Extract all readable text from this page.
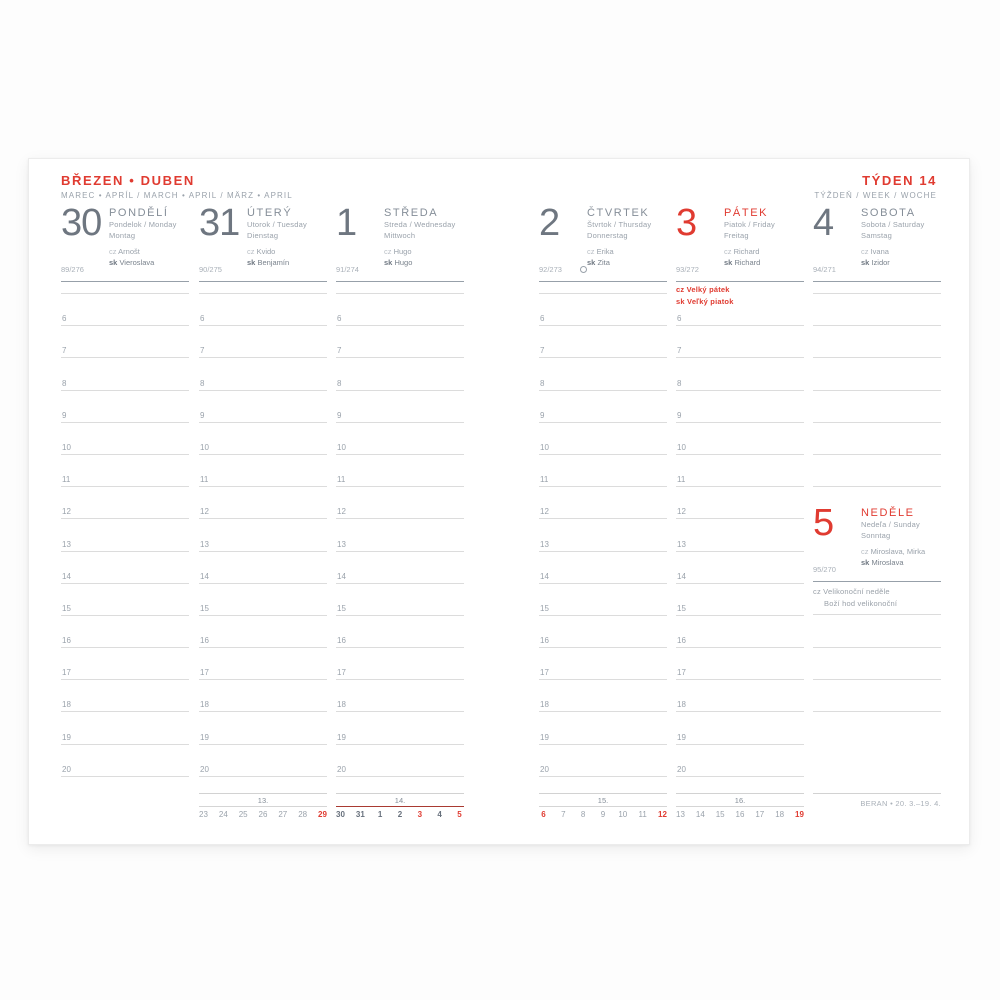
BŘEZEN • DUBEN
MAREC • APRÍL / MARCH • APRIL / MÄRZ • APRIL
TÝDEN 14
TÝŽDEŇ / WEEK / WOCHE
30 PONDĚLÍ
Pondelok / Monday
Montag
cz Arnošt
sk Vieroslava
89/276
6
7
8
9
10
11
12
13
14
15
16
17
18
19
20
31 ÚTERÝ
Utorok / Tuesday
Dienstag
cz Kvido
sk Benjamín
90/275
6
7
8
9
10
11
12
13
14
15
16
17
18
19
20
1	STŘEDA
Streda / Wednesday
Mittwoch
cz Hugo
sk Hugo
91/274
6
7
8
9
10
11
12
13
14
15
16
17
18
19
20
2	ČTVRTEK
Štvrtok / Thursday
Donnerstag
cz Erika
sk Zita
92/273
6
7
8
9
10
11
12
13
14
15
16
17
18
19
20
3	PÁTEK
Piatok / Friday
Freitag
cz Richard
sk Richard
93/272
cz Velký pátek
sk Veľký piatok
6
7
8
9
10
11
12
13
14
15
16
17
18
19
20
4	SOBOTA
Sobota / Saturday
Samstag
cz Ivana
sk Izidor
94/271
5	NEDĚLE
Nedeľa / Sunday
Sonntag
cz Miroslava, Mirka
sk Miroslava
95/270
cz Velikonoční neděle
Boží hod velikonoční
13.
23 24 25 26 27 28 29
14.
30 31 1 2 3 4 5
15.
6 7 8 9 10 11 12
16.
13 14 15 16 17 18 19
BERAN • 20. 3.–19. 4.
